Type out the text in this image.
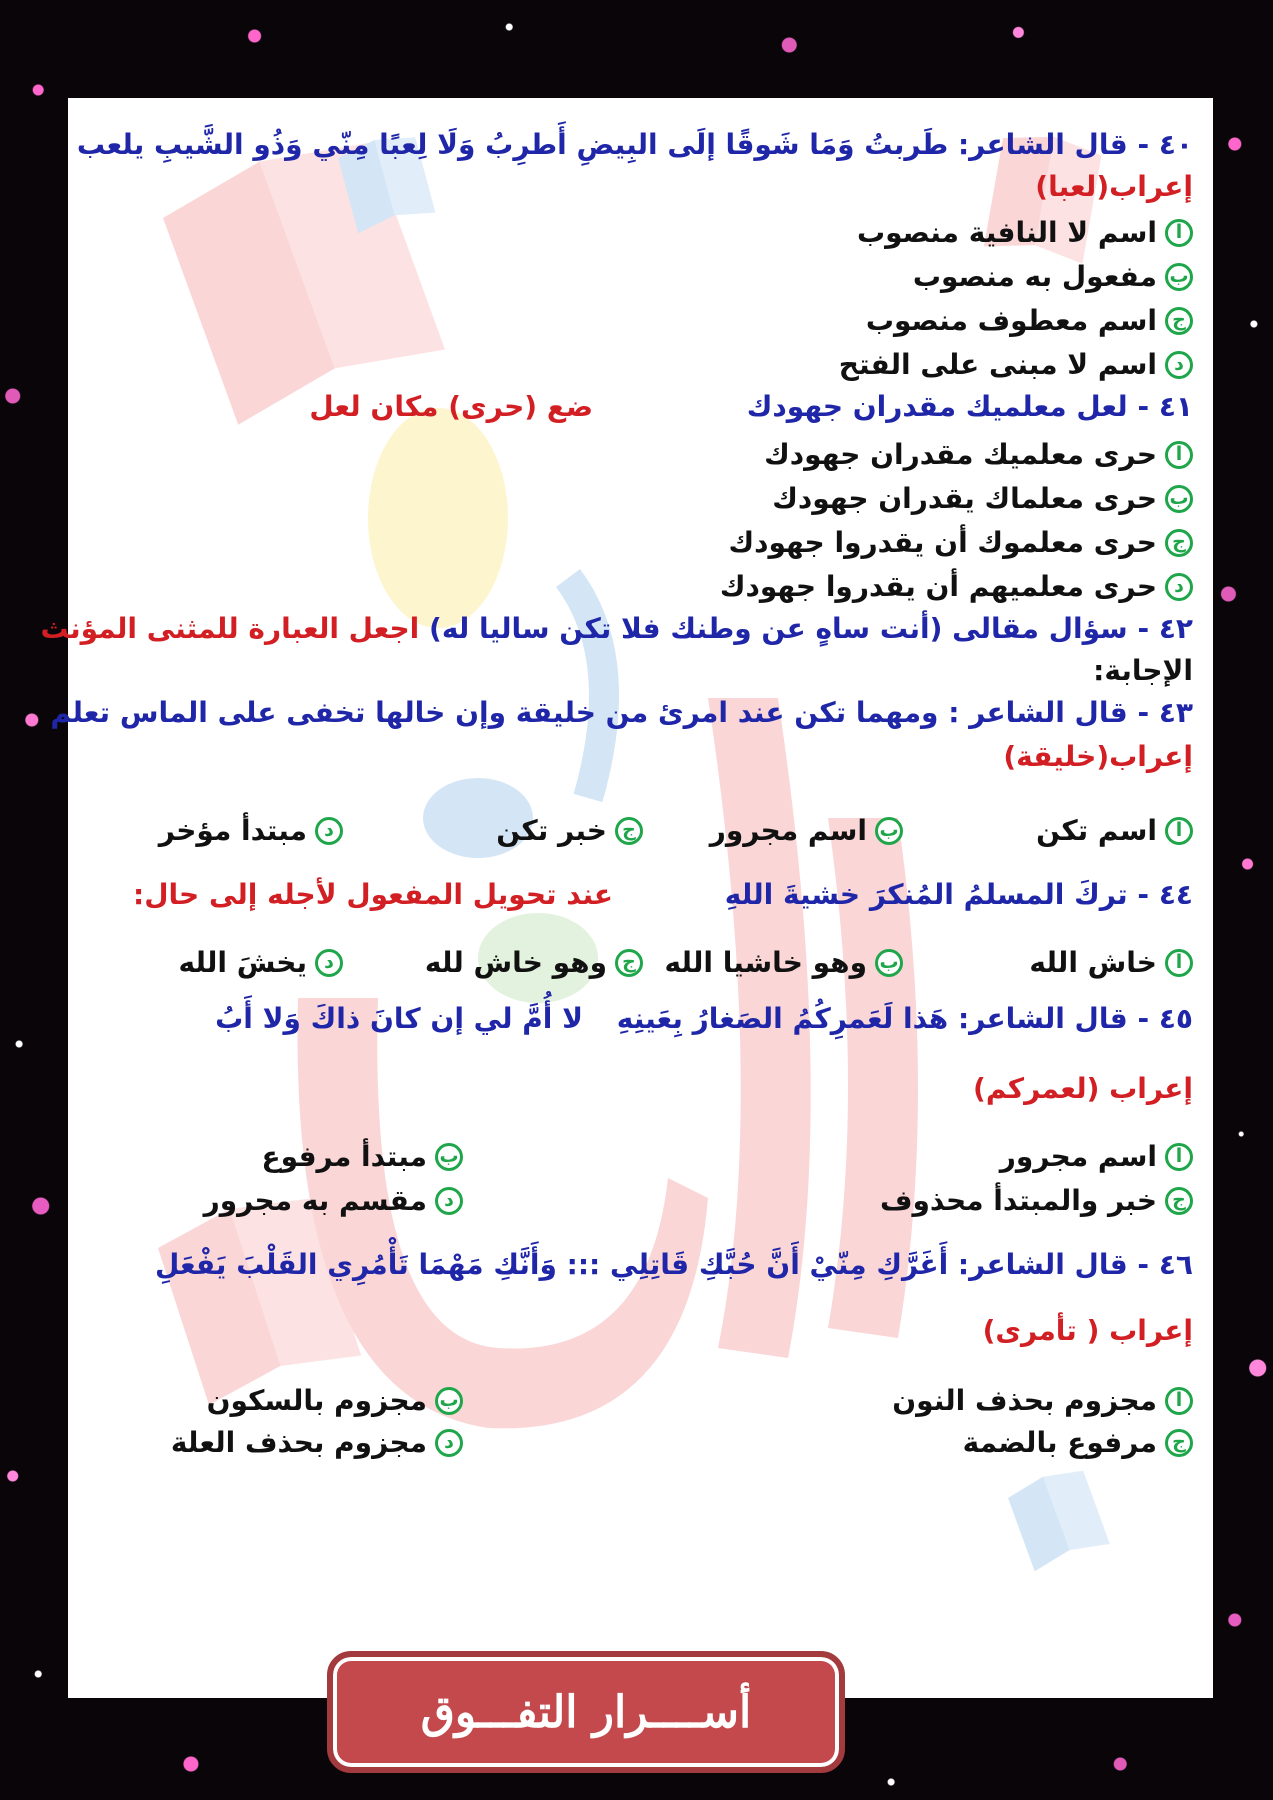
٤٠ - قال الشاعر: طَربتُ وَمَا شَوقًا إلَى البِيضِ أَطرِبُ وَلَا لِعبًا مِنّي وَذُو الشَّيبِ يلعب
إعراب(لعبا)
ا
اسم لا النافية منصوب
ب
مفعول به منصوب
ج
اسم معطوف منصوب
د
اسم لا مبنى على الفتح
٤١ - لعل معلميك مقدران جهودك
ضع (حرى) مكان لعل
ا
حرى معلميك مقدران جهودك
ب
حرى معلماك يقدران جهودك
ج
حرى معلموك أن يقدروا جهودك
د
حرى معلميهم أن يقدروا جهودك
٤٢ - سؤال مقالى (أنت ساهٍ عن وطنك فلا تكن ساليا له) اجعل العبارة للمثنى المؤنث
الإجابة:
٤٣ - قال الشاعر : ومهما تكن عند امرئ من خليقة وإن خالها تخفى على الماس تعلم
إعراب(خليقة)
ا
اسم تكن
ب
اسم مجرور
ج
خبر تكن
د
مبتدأ مؤخر
٤٤ - تركَ المسلمُ المُنكرَ خشيةَ اللهِ
عند تحويل المفعول لأجله إلى حال:
ا
خاش الله
ب
وهو خاشيا الله
ج
وهو خاش لله
د
يخشَ الله
٤٥ - قال الشاعر: هَذا لَعَمرِكُمُ الصَغارُ بِعَينِهِ لا أُمَّ لي إن كانَ ذاكَ وَلا أَبُ
إعراب (لعمركم)
ا
اسم مجرور
ب
مبتدأ مرفوع
ج
خبر والمبتدأ محذوف
د
مقسم به مجرور
٤٦ - قال الشاعر: أَغَرَّكِ مِنّيْ أَنَّ حُبَّكِ قَاتِلِي ::: وَأَنَّكِ مَهْمَا تَأْمُرِي القَلْبَ يَفْعَلِ
إعراب ( تأمرى)
ا
مجزوم بحذف النون
ب
مجزوم بالسكون
ج
مرفوع بالضمة
د
مجزوم بحذف العلة
أســــرار التفـــوق
